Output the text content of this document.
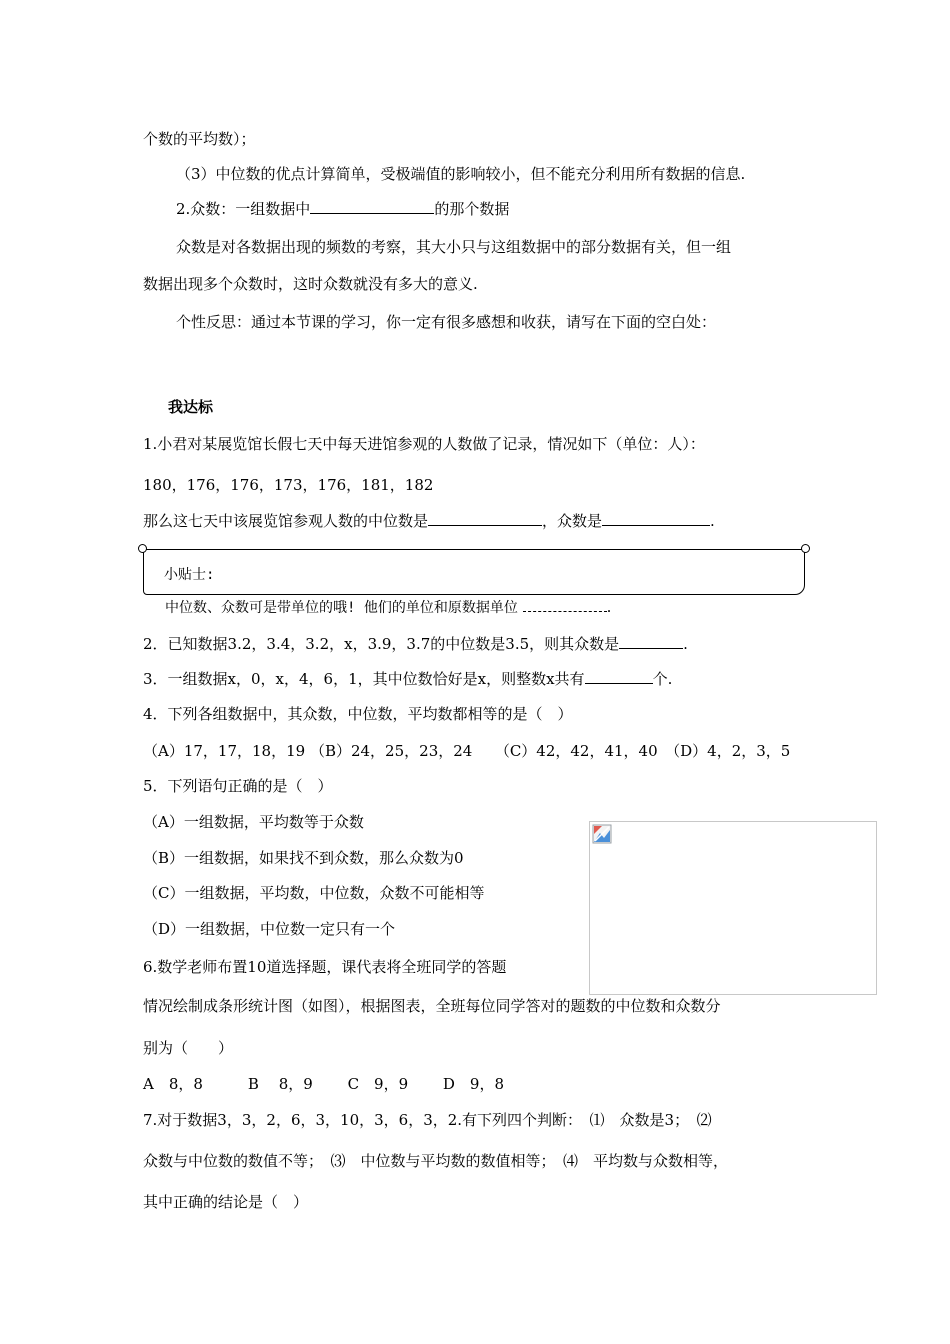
个数的平均数）；
（3）中位数的优点计算简单，受极端值的影响较小，但不能充分利用所有数据的信息.
2.众数：一组数据中	的那个数据
众数是对各数据出现的频数的考察，其大小只与这组数据中的部分数据有关，但一组
数据出现多个众数时，这时众数就没有多大的意义.
个性反思：通过本节课的学习，你一定有很多感想和收获，请写在下面的空白处：
我达标
1.小君对某展览馆长假七天中每天进馆参观的人数做了记录，情况如下（单位：人）：
180，176，176，173，176，181，182
那么这七天中该展览馆参观人数的中位数是	，众数是	.
小贴士:
中位数、众数可是带单位的哦! 他们的单位和原数据单位	.
2．已知数据3.2，3.4，3.2，x，3.9，3.7的中位数是3.5，则其众数是	.
3．一组数据x，0，x，4，6，1，其中位数恰好是x，则整数x共有	个.
4．下列各组数据中，其众数，中位数，平均数都相等的是（　）
（A）17，17，18，19 （B）24，25，23，24　　（C）42，42，41，40　（D）4，2，3，5
5．下列语句正确的是（　）
（A）一组数据，平均数等于众数
（B）一组数据，如果找不到众数，那么众数为0
（C）一组数据，平均数，中位数，众数不可能相等
（D）一组数据，中位数一定只有一个
6.数学老师布置10道选择题，课代表将全班同学的答题
情况绘制成条形统计图（如图），根据图表，全班每位同学答对的题数的中位数和众数分
别为（　　）
A　8，8　　　B　 8，9　　 C　9，9　　 D　9，8
7.对于数据3，3，2，6，3，10，3，6，3，2.有下列四个判断：　⑴　众数是3；　⑵
众数与中位数的数值不等；　⑶　中位数与平均数的数值相等；　⑷　平均数与众数相等，
其中正确的结论是（　）
